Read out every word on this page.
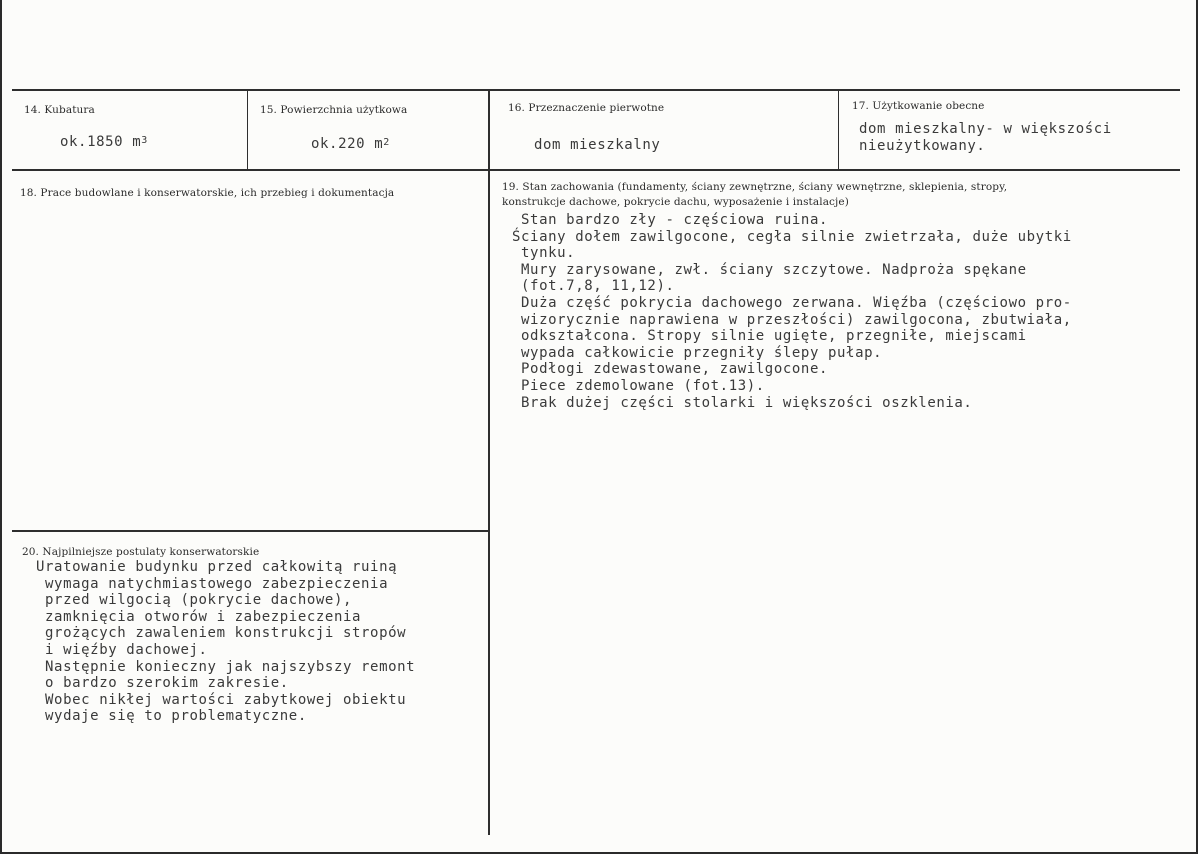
14. Kubatura
ok.1850 $m^3$
15. Powierzchnia użytkowa
ok.220 $m^2$
16. Przeznaczenie pierwotne
dom mieszkalny
17. Użytkowanie obecne
dom mieszkalny- w większości
nieużytkowany.
18. Prace budowlane i konserwatorskie, ich przebieg i dokumentacja	19. Stan zachowania (fundamenty, ściany zewnętrzne, ściany wewnętrzne, sklepienia, stropy,
konstrukcje dachowe, pokrycie dachu, wyposażenie i instalacje)
Stan bardzo zły - częściowa ruina.
Ściany dołem zawilgocone, cegła silnie zwietrzała, duże ubytki
tynku.
Mury zarysowane, zwł. ściany szczytowe. Nadproża spękane
(fot.7,8, 11,12).
Duża część pokrycia dachowego zerwana. Więźba (częściowo pro-
wizorycznie naprawiena w przeszłości) zawilgocona, zbutwiała,
odkształcona. Stropy silnie ugięte, przegniłe, miejscami
wypada całkowicie przegniły ślepy pułap.
Podłogi zdewastowane, zawilgocone.
Piece zdemolowane (fot.13).
Brak dużej części stolarki i większości oszklenia.
20. Najpilniejsze postulaty konserwatorskie
Uratowanie budynku przed całkowitą ruiną
wymaga natychmiastowego zabezpieczenia
przed wilgocią (pokrycie dachowe),
zamknięcia otworów i zabezpieczenia
grożących zawaleniem konstrukcji stropów
i więźby dachowej.
Następnie konieczny jak najszybszy remont
o bardzo szerokim zakresie.
Wobec nikłej wartości zabytkowej obiektu
wydaje się to problematyczne.
